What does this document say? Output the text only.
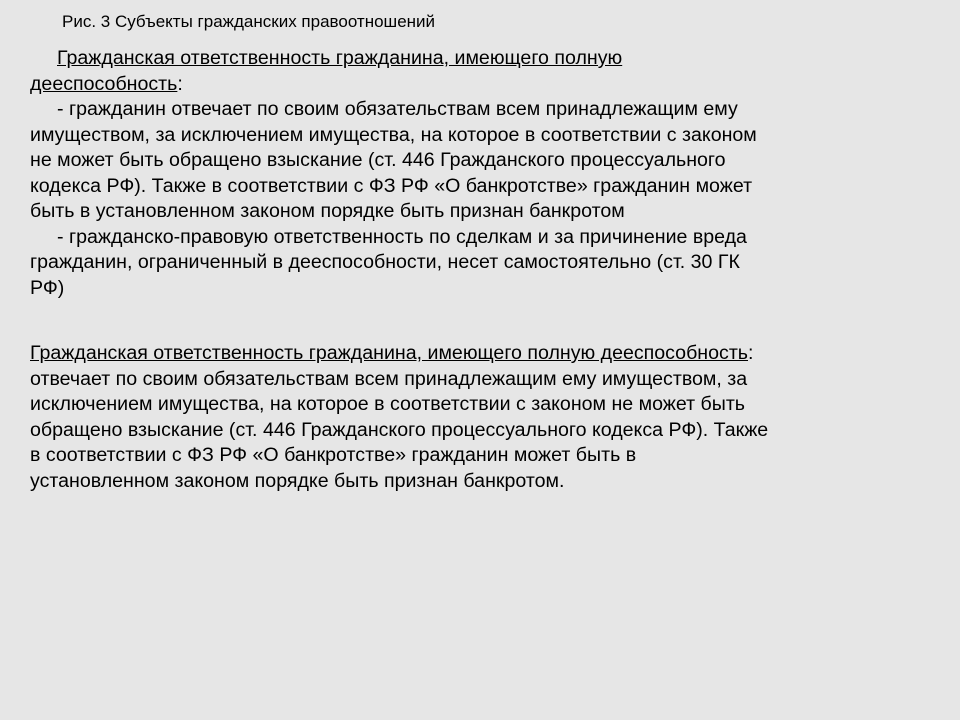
Рис. 3 Субъекты гражданских правоотношений
Гражданская ответственность гражданина, имеющего полную
дееспособность:
- гражданин отвечает по своим обязательствам всем принадлежащим ему
имуществом, за исключением имущества, на которое в соответствии с законом
не может быть обращено взыскание (ст. 446 Гражданского процессуального
кодекса РФ). Также в соответствии с ФЗ РФ «О банкротстве» гражданин может
быть в установленном законом порядке быть признан банкротом
- гражданско-правовую ответственность по сделкам и за причинение вреда
гражданин, ограниченный в дееспособности, несет самостоятельно (ст. 30 ГК
РФ)
Гражданская ответственность гражданина, имеющего полную дееспособность:
отвечает по своим обязательствам всем принадлежащим ему имуществом, за
исключением имущества, на которое в соответствии с законом не может быть
обращено взыскание (ст. 446 Гражданского процессуального кодекса РФ). Также
в соответствии с ФЗ РФ «О банкротстве» гражданин может быть в
установленном законом порядке быть признан банкротом.
